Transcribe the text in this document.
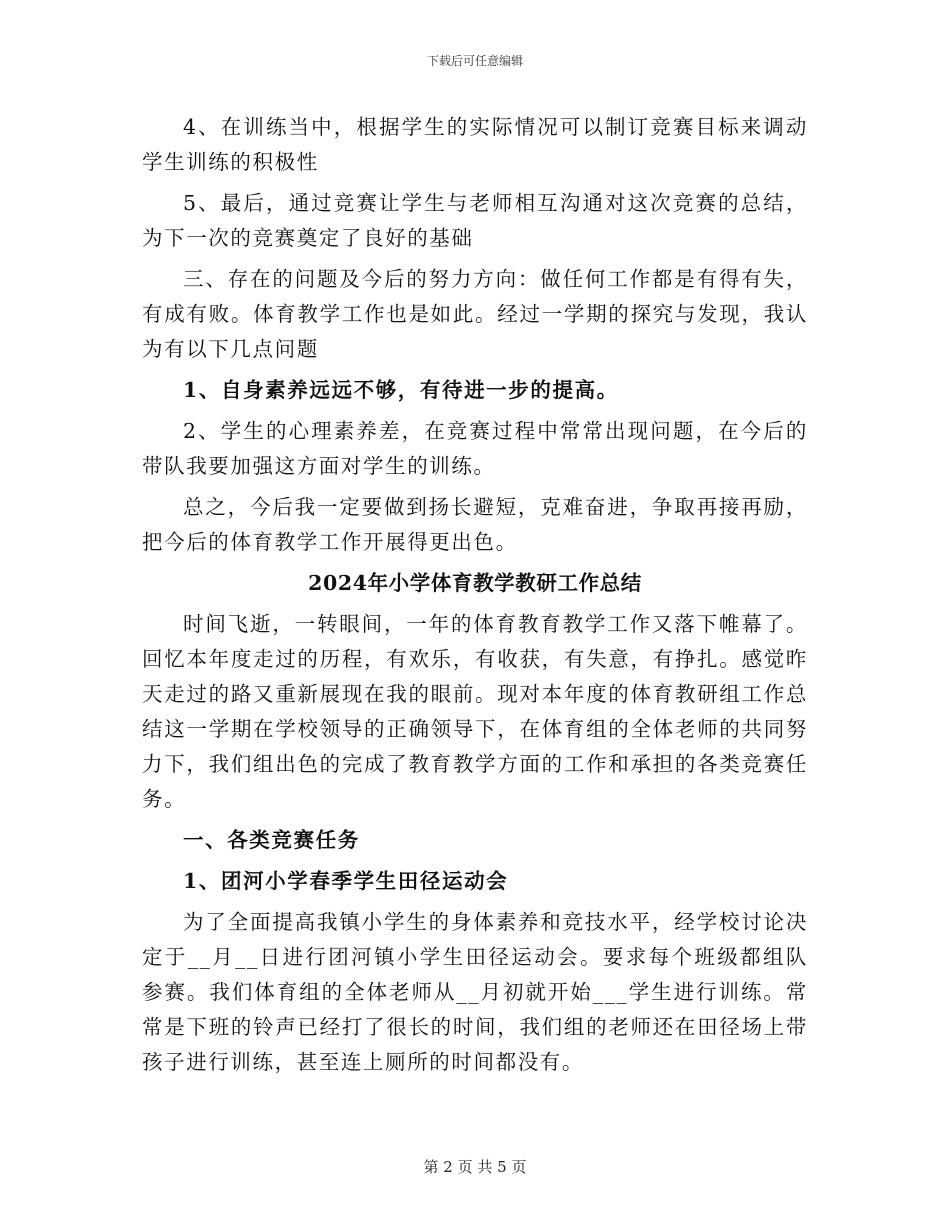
下载后可任意编辑

4、在训练当中，根据学生的实际情况可以制订竞赛目标来调动学生训练的积极性

5、最后，通过竞赛让学生与老师相互沟通对这次竞赛的总结，为下一次的竞赛奠定了良好的基础

三、存在的问题及今后的努力方向：做任何工作都是有得有失，有成有败。体育教学工作也是如此。经过一学期的探究与发现，我认为有以下几点问题

1、自身素养远远不够，有待进一步的提高。

2、学生的心理素养差，在竞赛过程中常常出现问题，在今后的带队我要加强这方面对学生的训练。

总之，今后我一定要做到扬长避短，克难奋进，争取再接再励，把今后的体育教学工作开展得更出色。

2024年小学体育教学教研工作总结

时间飞逝，一转眼间，一年的体育教育教学工作又落下帷幕了。回忆本年度走过的历程，有欢乐，有收获，有失意，有挣扎。感觉昨天走过的路又重新展现在我的眼前。现对本年度的体育教研组工作总结这一学期在学校领导的正确领导下，在体育组的全体老师的共同努力下，我们组出色的完成了教育教学方面的工作和承担的各类竞赛任务。

一、各类竞赛任务

1、团河小学春季学生田径运动会

为了全面提高我镇小学生的身体素养和竞技水平，经学校讨论决定于__月__日进行团河镇小学生田径运动会。要求每个班级都组队参赛。我们体育组的全体老师从__月初就开始___学生进行训练。常常是下班的铃声已经打了很长的时间，我们组的老师还在田径场上带孩子进行训练，甚至连上厕所的时间都没有。

第 2 页 共 5 页
